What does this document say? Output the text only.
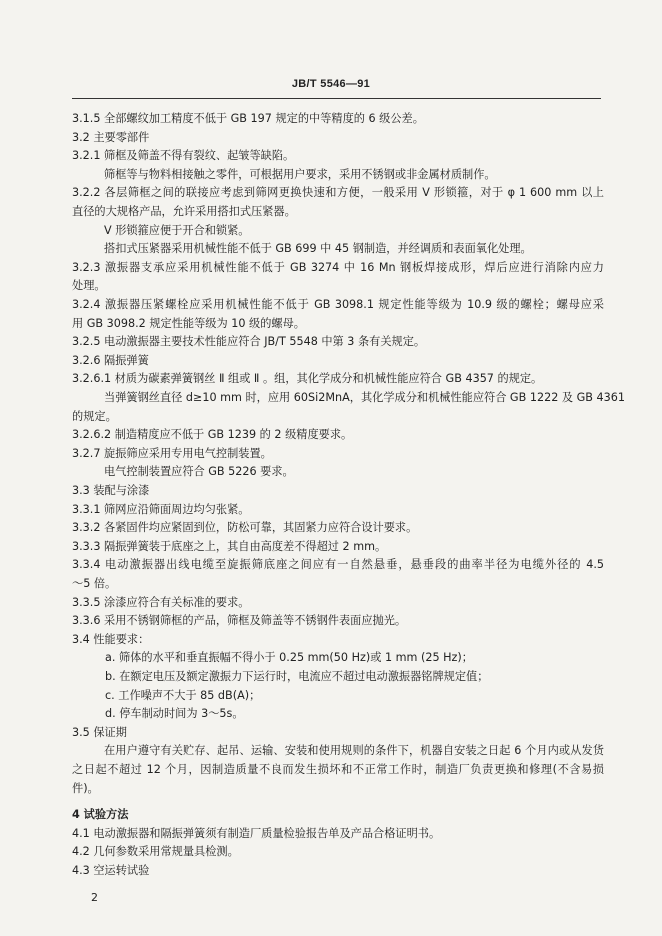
JB/T 5546—91
3.1.5 全部螺纹加工精度不低于 GB 197 规定的中等精度的 6 级公差。
3.2 主要零部件
3.2.1 筛框及筛盖不得有裂纹、起皱等缺陷。
筛框等与物料相接触之零件，可根据用户要求，采用不锈钢或非金属材质制作。
3.2.2 各层筛框之间的联接应考虑到筛网更换快速和方便，一般采用 V 形锁箍，对于 φ 1 600 mm 以上
直径的大规格产品，允许采用搭扣式压紧器。
V 形锁箍应便于开合和锁紧。
搭扣式压紧器采用机械性能不低于 GB 699 中 45 钢制造，并经调质和表面氧化处理。
3.2.3 激振器支承应采用机械性能不低于 GB 3274 中 16 Mn 钢板焊接成形，焊后应进行消除内应力
处理。
3.2.4 激振器压紧螺栓应采用机械性能不低于 GB 3098.1 规定性能等级为 10.9 级的螺栓；螺母应采
用 GB 3098.2 规定性能等级为 10 级的螺母。
3.2.5 电动激振器主要技术性能应符合 JB/T 5548 中第 3 条有关规定。
3.2.6 隔振弹簧
3.2.6.1 材质为碳素弹簧钢丝 Ⅱ 组或 Ⅱ 。组，其化学成分和机械性能应符合 GB 4357 的规定。
当弹簧钢丝直径 d≥10 mm 时，应用 60Si2MnA，其化学成分和机械性能应符合 GB 1222 及 GB 4361
的规定。
3.2.6.2 制造精度应不低于 GB 1239 的 2 级精度要求。
3.2.7 旋振筛应采用专用电气控制装置。
电气控制装置应符合 GB 5226 要求。
3.3 装配与涂漆
3.3.1 筛网应沿筛面周边均匀张紧。
3.3.2 各紧固件均应紧固到位，防松可靠，其固紧力应符合设计要求。
3.3.3 隔振弹簧装于底座之上，其自由高度差不得超过 2 mm。
3.3.4 电动激振器出线电缆至旋振筛底座之间应有一自然悬垂，悬垂段的曲率半径为电缆外径的 4.5
～5 倍。
3.3.5 涂漆应符合有关标准的要求。
3.3.6 采用不锈钢筛框的产品，筛框及筛盖等不锈钢件表面应抛光。
3.4 性能要求：
a. 筛体的水平和垂直振幅不得小于 0.25 mm(50 Hz)或 1 mm (25 Hz)；
b. 在额定电压及额定激振力下运行时，电流应不超过电动激振器铭牌规定值；
c. 工作噪声不大于 85 dB(A)；
d. 停车制动时间为 3～5s。
3.5 保证期
在用户遵守有关贮存、起吊、运输、安装和使用规则的条件下，机器自安装之日起 6 个月内或从发货
之日起不超过 12 个月，因制造质量不良而发生损坏和不正常工作时，制造厂负责更换和修理(不含易损
件)。
4 试验方法
4.1 电动激振器和隔振弹簧须有制造厂质量检验报告单及产品合格证明书。
4.2 几何参数采用常规量具检测。
4.3 空运转试验
2
